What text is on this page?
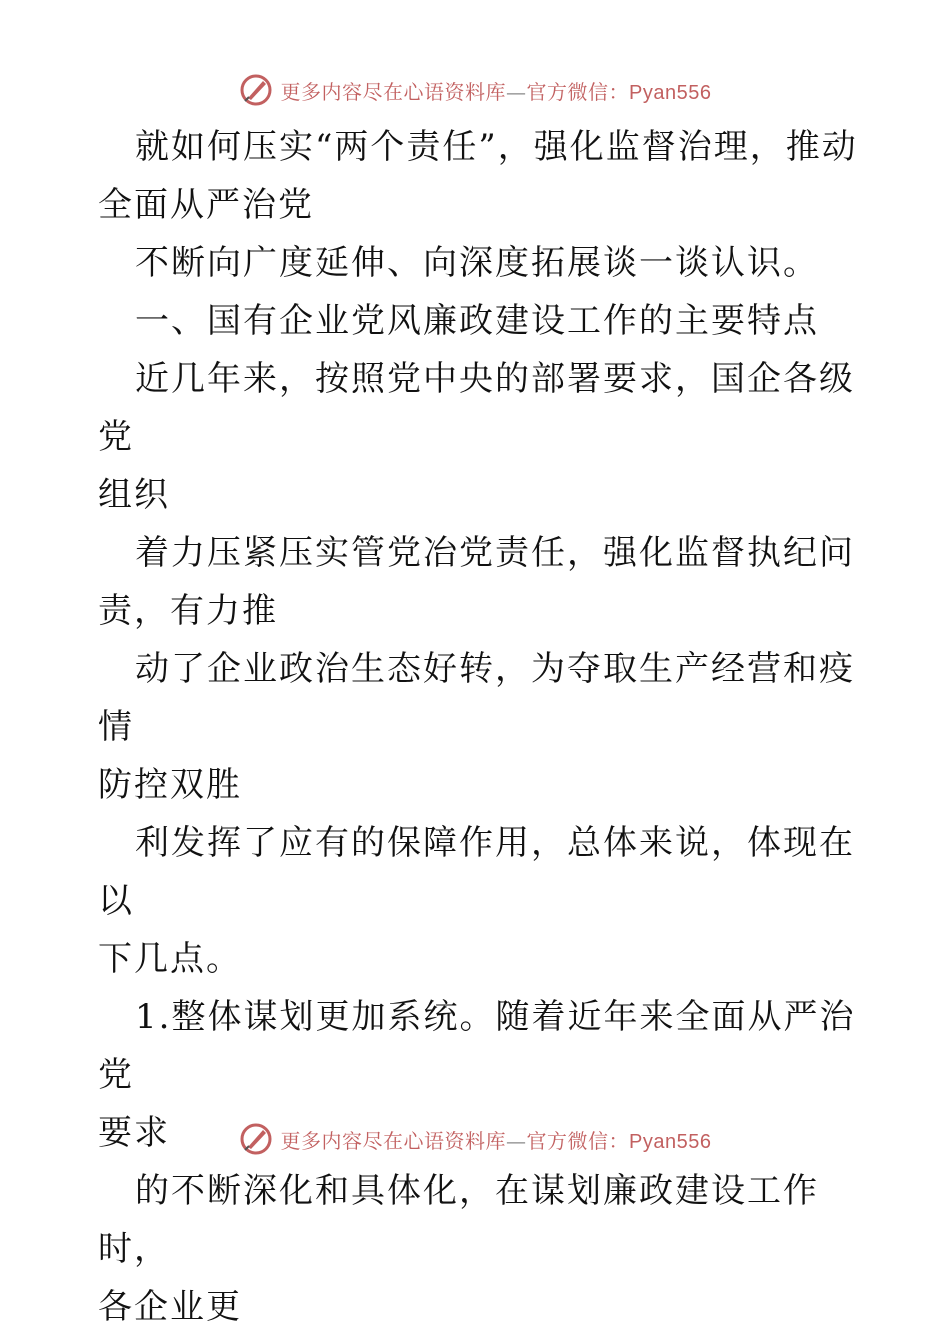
更多内容尽在心语资料库—官方微信：Pyan556

就如何压实“两个责任”，强化监督治理，推动
全面从严治党

不断向广度延伸、向深度拓展谈一谈认识。

一、国有企业党风廉政建设工作的主要特点

近几年来，按照党中央的部署要求，国企各级党
组织

着力压紧压实管党冶党责任，强化监督执纪问
责，有力推

动了企业政治生态好转，为夺取生产经营和疫情
防控双胜

利发挥了应有的保障作用，总体来说，体现在以
下几点。

1.整体谋划更加系统。随着近年来全面从严治党
要求

的不断深化和具体化，在谋划廉政建设工作时，
各企业更

更多内容尽在心语资料库—官方微信：Pyan556
